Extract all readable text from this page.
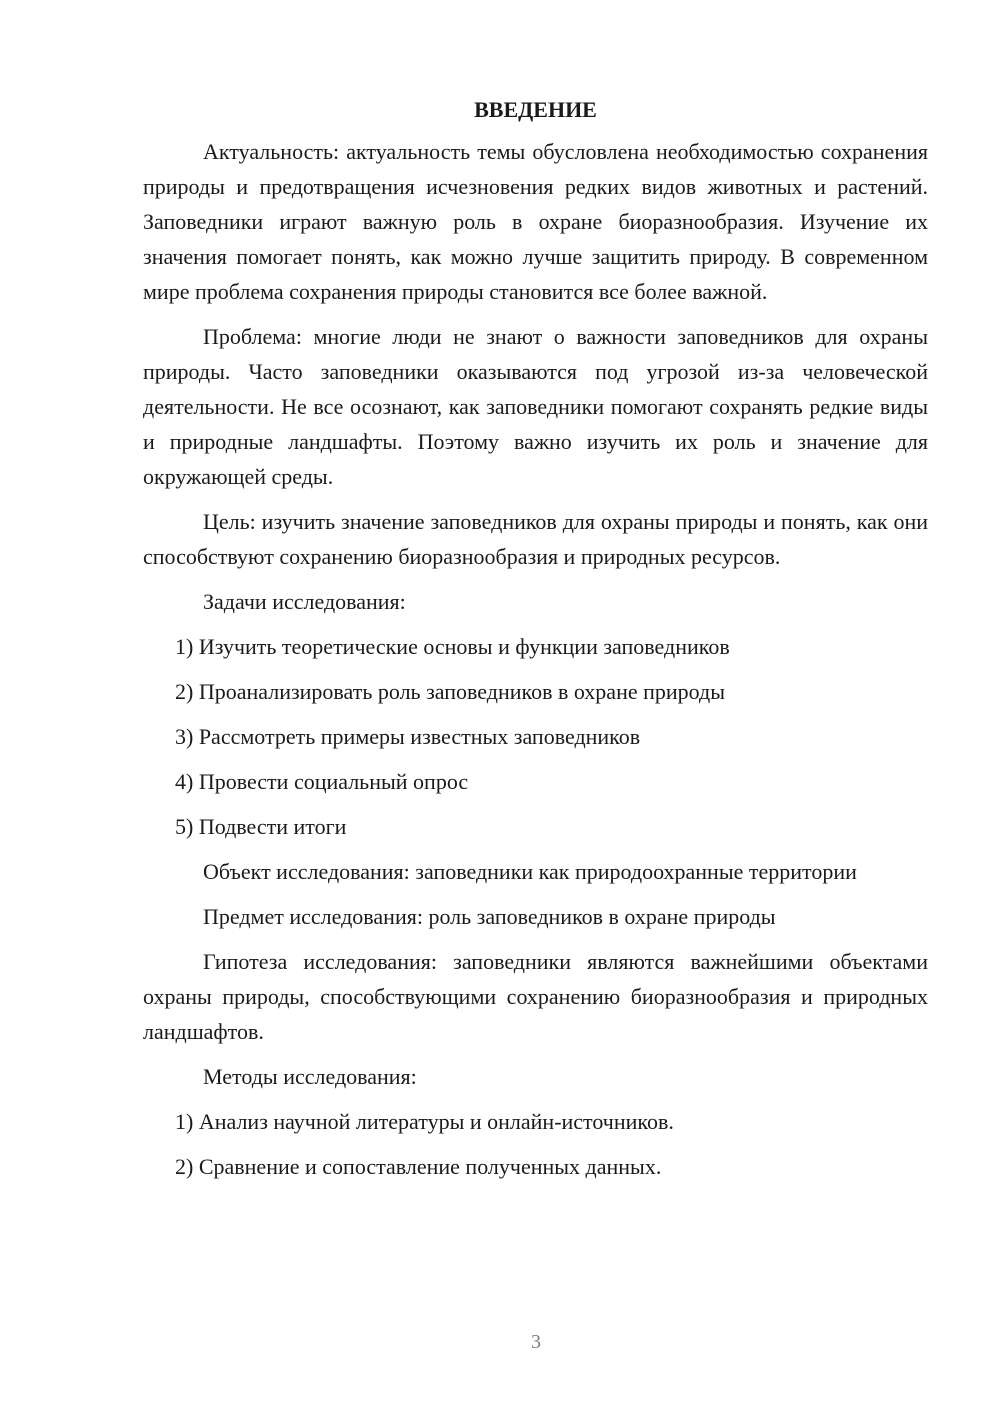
ВВЕДЕНИЕ

Актуальность: актуальность темы обусловлена необходимостью сохранения природы и предотвращения исчезновения редких видов животных и растений. Заповедники играют важную роль в охране биоразнообразия. Изучение их значения помогает понять, как можно лучше защитить природу. В современном мире проблема сохранения природы становится все более важной.

Проблема: многие люди не знают о важности заповедников для охраны природы. Часто заповедники оказываются под угрозой из-за человеческой деятельности. Не все осознают, как заповедники помогают сохранять редкие виды и природные ландшафты. Поэтому важно изучить их роль и значение для окружающей среды.

Цель: изучить значение заповедников для охраны природы и понять, как они способствуют сохранению биоразнообразия и природных ресурсов.

Задачи исследования:

1) Изучить теоретические основы и функции заповедников
2) Проанализировать роль заповедников в охране природы
3) Рассмотреть примеры известных заповедников
4) Провести социальный опрос
5) Подвести итоги

Объект исследования: заповедники как природоохранные территории

Предмет исследования: роль заповедников в охране природы

Гипотеза исследования: заповедники являются важнейшими объектами охраны природы, способствующими сохранению биоразнообразия и природных ландшафтов.

Методы исследования:

1) Анализ научной литературы и онлайн-источников.
2) Сравнение и сопоставление полученных данных.
3
